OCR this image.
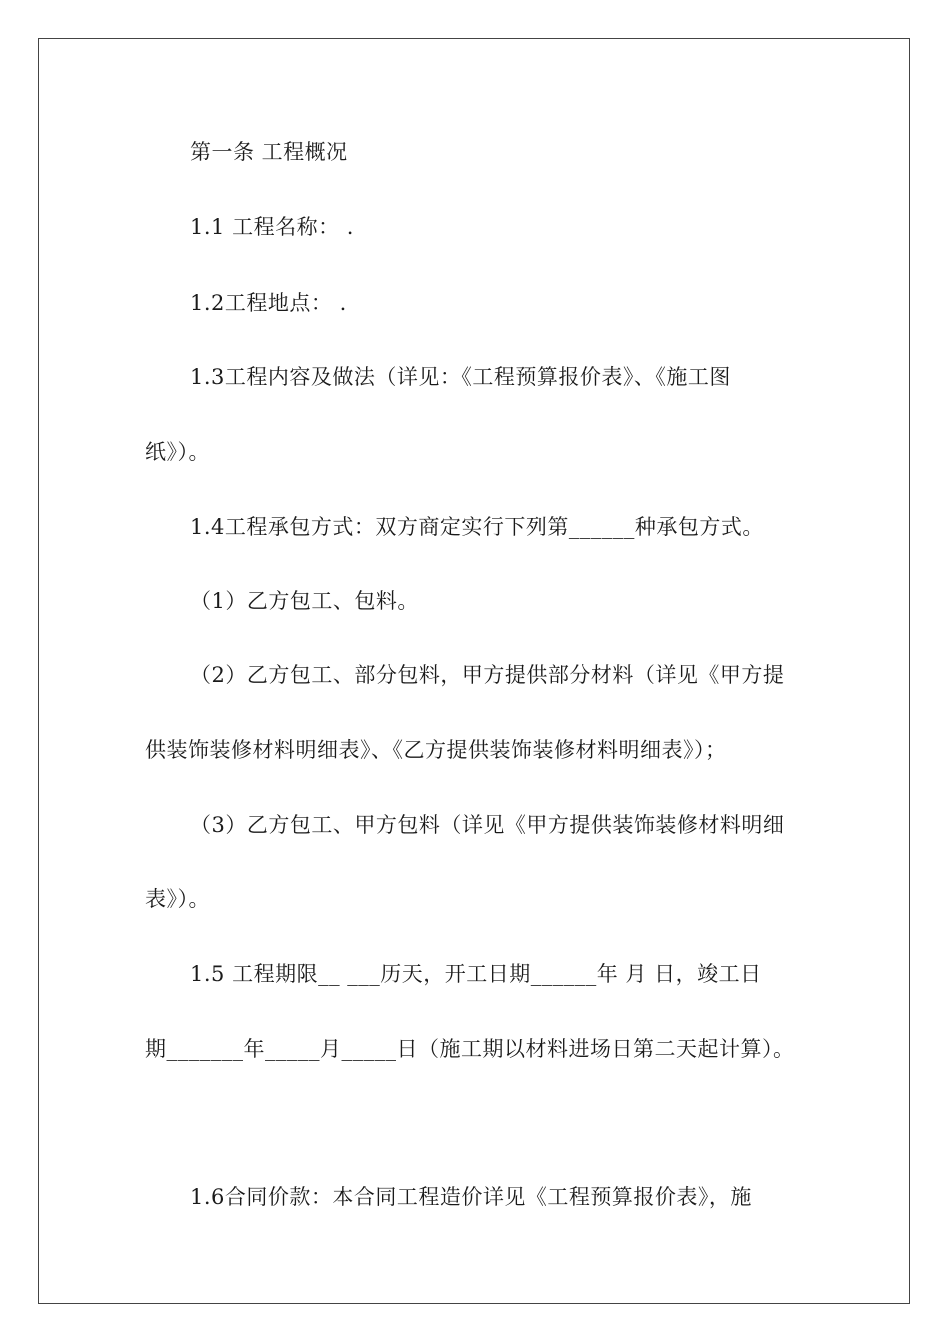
第一条 工程概况
1.1 工程名称： .
1.2工程地点： .
1.3工程内容及做法（详见：《工程预算报价表》、《施工图
纸》）。
1.4工程承包方式：双方商定实行下列第______种承包方式。
（1）乙方包工、包料。
（2）乙方包工、部分包料，甲方提供部分材料（详见《甲方提
供装饰装修材料明细表》、《乙方提供装饰装修材料明细表》）；
（3）乙方包工、甲方包料（详见《甲方提供装饰装修材料明细
表》）。
1.5 工程期限__ ___历天，开工日期______年 月 日，竣工日
期_______年_____月_____日（施工期以材料进场日第二天起计算）。
1.6合同价款：本合同工程造价详见《工程预算报价表》，施
